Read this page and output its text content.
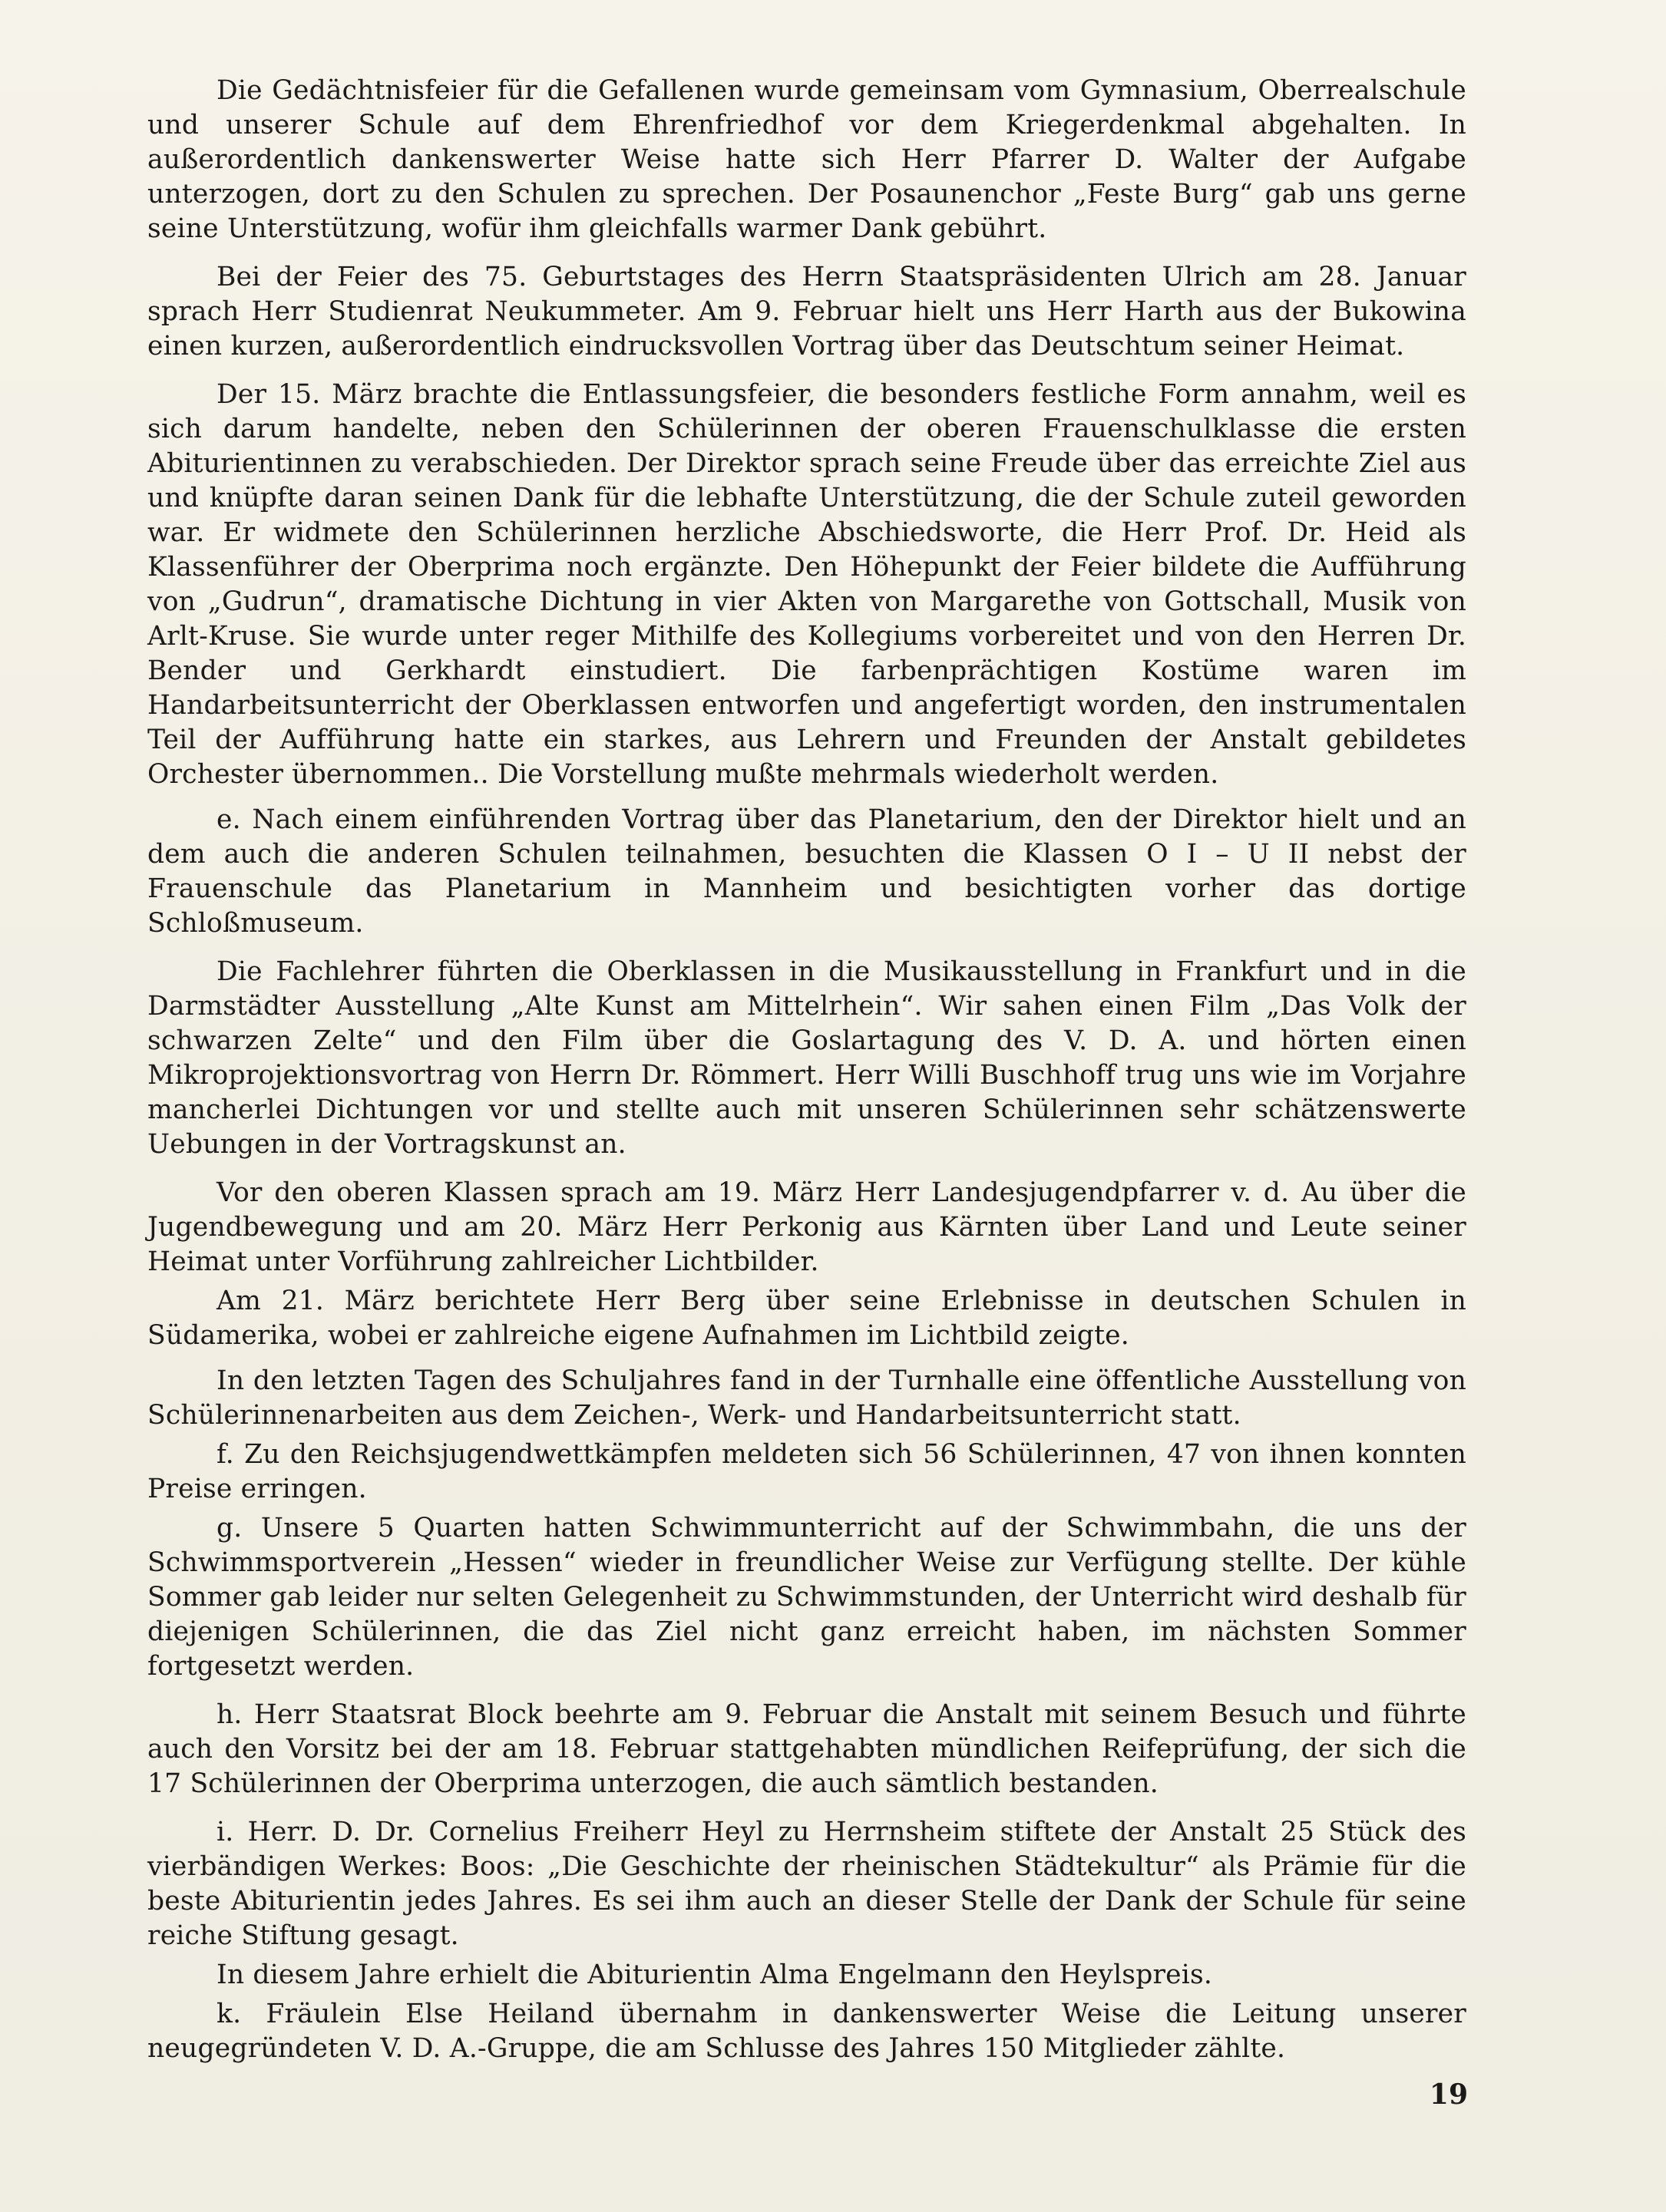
Die Gedächtnisfeier für die Gefallenen wurde gemeinsam vom Gymnasium, Oberrealschule und unserer Schule auf dem Ehrenfriedhof vor dem Kriegerdenkmal abgehalten. In außerordentlich dankenswerter Weise hatte sich Herr Pfarrer D. Walter der Aufgabe unterzogen, dort zu den Schulen zu sprechen. Der Posaunenchor „Feste Burg“ gab uns gerne seine Unterstützung, wofür ihm gleichfalls warmer Dank gebührt.

Bei der Feier des 75. Geburtstages des Herrn Staatspräsidenten Ulrich am 28. Januar sprach Herr Studienrat Neukummeter. Am 9. Februar hielt uns Herr Harth aus der Bukowina einen kurzen, außerordentlich eindrucksvollen Vortrag über das Deutschtum seiner Heimat.

Der 15. März brachte die Entlassungsfeier, die besonders festliche Form annahm, weil es sich darum handelte, neben den Schülerinnen der oberen Frauenschulklasse die ersten Abiturientinnen zu verabschieden. Der Direktor sprach seine Freude über das erreichte Ziel aus und knüpfte daran seinen Dank für die lebhafte Unterstützung, die der Schule zuteil geworden war. Er widmete den Schülerinnen herzliche Abschiedsworte, die Herr Prof. Dr. Heid als Klassenführer der Oberprima noch ergänzte. Den Höhepunkt der Feier bildete die Aufführung von „Gudrun“, dramatische Dichtung in vier Akten von Margarethe von Gottschall, Musik von Arlt-Kruse. Sie wurde unter reger Mithilfe des Kollegiums vorbereitet und von den Herren Dr. Bender und Gerkhardt einstudiert. Die farbenprächtigen Kostüme waren im Handarbeitsunterricht der Oberklassen entworfen und angefertigt worden, den instrumentalen Teil der Aufführung hatte ein starkes, aus Lehrern und Freunden der Anstalt gebildetes Orchester übernommen.. Die Vorstellung mußte mehrmals wiederholt werden.

e. Nach einem einführenden Vortrag über das Planetarium, den der Direktor hielt und an dem auch die anderen Schulen teilnahmen, besuchten die Klassen O I – U II nebst der Frauenschule das Planetarium in Mannheim und besichtigten vorher das dortige Schloßmuseum.

Die Fachlehrer führten die Oberklassen in die Musikausstellung in Frankfurt und in die Darmstädter Ausstellung „Alte Kunst am Mittelrhein“. Wir sahen einen Film „Das Volk der schwarzen Zelte“ und den Film über die Goslartagung des V. D. A. und hörten einen Mikroprojektionsvortrag von Herrn Dr. Römmert. Herr Willi Buschhoff trug uns wie im Vorjahre mancherlei Dichtungen vor und stellte auch mit unseren Schülerinnen sehr schätzenswerte Uebungen in der Vortragskunst an.

Vor den oberen Klassen sprach am 19. März Herr Landesjugendpfarrer v. d. Au über die Jugendbewegung und am 20. März Herr Perkonig aus Kärnten über Land und Leute seiner Heimat unter Vorführung zahlreicher Lichtbilder.

Am 21. März berichtete Herr Berg über seine Erlebnisse in deutschen Schulen in Südamerika, wobei er zahlreiche eigene Aufnahmen im Lichtbild zeigte.

In den letzten Tagen des Schuljahres fand in der Turnhalle eine öffentliche Ausstellung von Schülerinnenarbeiten aus dem Zeichen-, Werk- und Handarbeitsunterricht statt.

f. Zu den Reichsjugendwettkämpfen meldeten sich 56 Schülerinnen, 47 von ihnen konnten Preise erringen.

g. Unsere 5 Quarten hatten Schwimmunterricht auf der Schwimmbahn, die uns der Schwimmsportverein „Hessen“ wieder in freundlicher Weise zur Verfügung stellte. Der kühle Sommer gab leider nur selten Gelegenheit zu Schwimmstunden, der Unterricht wird deshalb für diejenigen Schülerinnen, die das Ziel nicht ganz erreicht haben, im nächsten Sommer fortgesetzt werden.

h. Herr Staatsrat Block beehrte am 9. Februar die Anstalt mit seinem Besuch und führte auch den Vorsitz bei der am 18. Februar stattgehabten mündlichen Reifeprüfung, der sich die 17 Schülerinnen der Oberprima unterzogen, die auch sämtlich bestanden.

i. Herr. D. Dr. Cornelius Freiherr Heyl zu Herrnsheim stiftete der Anstalt 25 Stück des vierbändigen Werkes: Boos: „Die Geschichte der rheinischen Städtekultur“ als Prämie für die beste Abiturientin jedes Jahres. Es sei ihm auch an dieser Stelle der Dank der Schule für seine reiche Stiftung gesagt.

In diesem Jahre erhielt die Abiturientin Alma Engelmann den Heylspreis.

k. Fräulein Else Heiland übernahm in dankenswerter Weise die Leitung unserer neugegründeten V. D. A.-Gruppe, die am Schlusse des Jahres 150 Mitglieder zählte.

19
